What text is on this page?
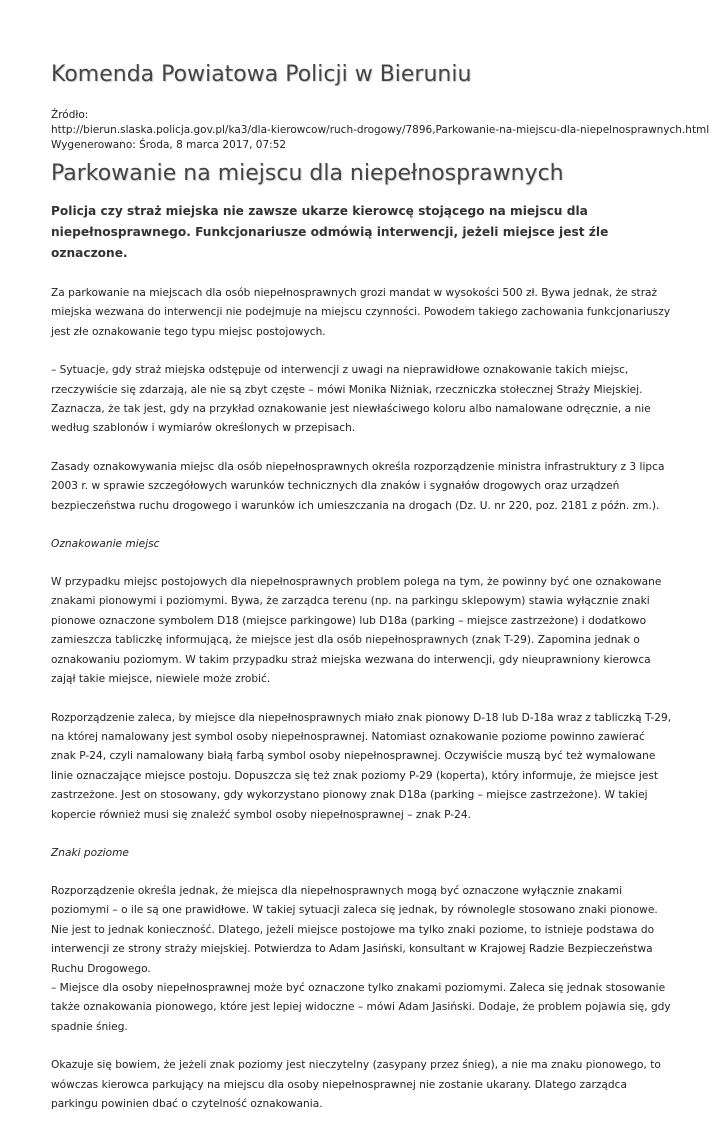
Komenda Powiatowa Policji w Bieruniu
Źródło:
http://bierun.slaska.policja.gov.pl/ka3/dla-kierowcow/ruch-drogowy/7896,Parkowanie-na-miejscu-dla-niepelnosprawnych.html
Wygenerowano: Środa, 8 marca 2017, 07:52
Parkowanie na miejscu dla niepełnosprawnych
Policja czy straż miejska nie zawsze ukarze kierowcę stojącego na miejscu dla niepełnosprawnego. Funkcjonariusze odmówią interwencji, jeżeli miejsce jest źle oznaczone.
Za parkowanie na miejscach dla osób niepełnosprawnych grozi mandat w wysokości 500 zł. Bywa jednak, że straż miejska wezwana do interwencji nie podejmuje na miejscu czynności. Powodem takiego zachowania funkcjonariuszy jest złe oznakowanie tego typu miejsc postojowych.
– Sytuacje, gdy straż miejska odstępuje od interwencji z uwagi na nieprawidłowe oznakowanie takich miejsc, rzeczywiście się zdarzają, ale nie są zbyt częste – mówi Monika Niżniak, rzeczniczka stołecznej Straży Miejskiej. Zaznacza, że tak jest, gdy na przykład oznakowanie jest niewłaściwego koloru albo namalowane odręcznie, a nie według szablonów i wymiarów określonych w przepisach.
Zasady oznakowywania miejsc dla osób niepełnosprawnych określa rozporządzenie ministra infrastruktury z 3 lipca 2003 r. w sprawie szczegółowych warunków technicznych dla znaków i sygnałów drogowych oraz urządzeń bezpieczeństwa ruchu drogowego i warunków ich umieszczania na drogach (Dz. U. nr 220, poz. 2181 z późn. zm.).
Oznakowanie miejsc
W przypadku miejsc postojowych dla niepełnosprawnych problem polega na tym, że powinny być one oznakowane znakami pionowymi i poziomymi. Bywa, że zarządca terenu (np. na parkingu sklepowym) stawia wyłącznie znaki pionowe oznaczone symbolem D18 (miejsce parkingowe) lub D18a (parking – miejsce zastrzeżone) i dodatkowo zamieszcza tabliczkę informującą, że miejsce jest dla osób niepełnosprawnych (znak T-29). Zapomina jednak o oznakowaniu poziomym. W takim przypadku straż miejska wezwana do interwencji, gdy nieuprawniony kierowca zajął takie miejsce, niewiele może zrobić.
Rozporządzenie zaleca, by miejsce dla niepełnosprawnych miało znak pionowy D-18 lub D-18a wraz z tabliczką T-29, na której namalowany jest symbol osoby niepełnosprawnej. Natomiast oznakowanie poziome powinno zawierać znak P-24, czyli namalowany białą farbą symbol osoby niepełnosprawnej. Oczywiście muszą być też wymalowane linie oznaczające miejsce postoju. Dopuszcza się też znak poziomy P-29 (koperta), który informuje, że miejsce jest zastrzeżone. Jest on stosowany, gdy wykorzystano pionowy znak D18a (parking – miejsce zastrzeżone). W takiej kopercie również musi się znaleźć symbol osoby niepełnosprawnej – znak P-24.
Znaki poziome

Rozporządzenie określa jednak, że miejsca dla niepełnosprawnych mogą być oznaczone wyłącznie znakami poziomymi – o ile są one prawidłowe. W takiej sytuacji zaleca się jednak, by równolegle stosowano znaki pionowe. Nie jest to jednak konieczność. Dlatego, jeżeli miejsce postojowe ma tylko znaki poziome, to istnieje podstawa do interwencji ze strony straży miejskiej. Potwierdza to Adam Jasiński, konsultant w Krajowej Radzie Bezpieczeństwa Ruchu Drogowego.

– Miejsce dla osoby niepełnosprawnej może być oznaczone tylko znakami poziomymi. Zaleca się jednak stosowanie także oznakowania pionowego, które jest lepiej widoczne – mówi Adam Jasiński. Dodaje, że problem pojawia się, gdy spadnie śnieg.

Okazuje się bowiem, że jeżeli znak poziomy jest nieczytelny (zasypany przez śnieg), a nie ma znaku pionowego, to wówczas kierowca parkujący na miejscu dla osoby niepełnosprawnej nie zostanie ukarany. Dlatego zarządca parkingu powinien dbać o czytelność oznakowania.
